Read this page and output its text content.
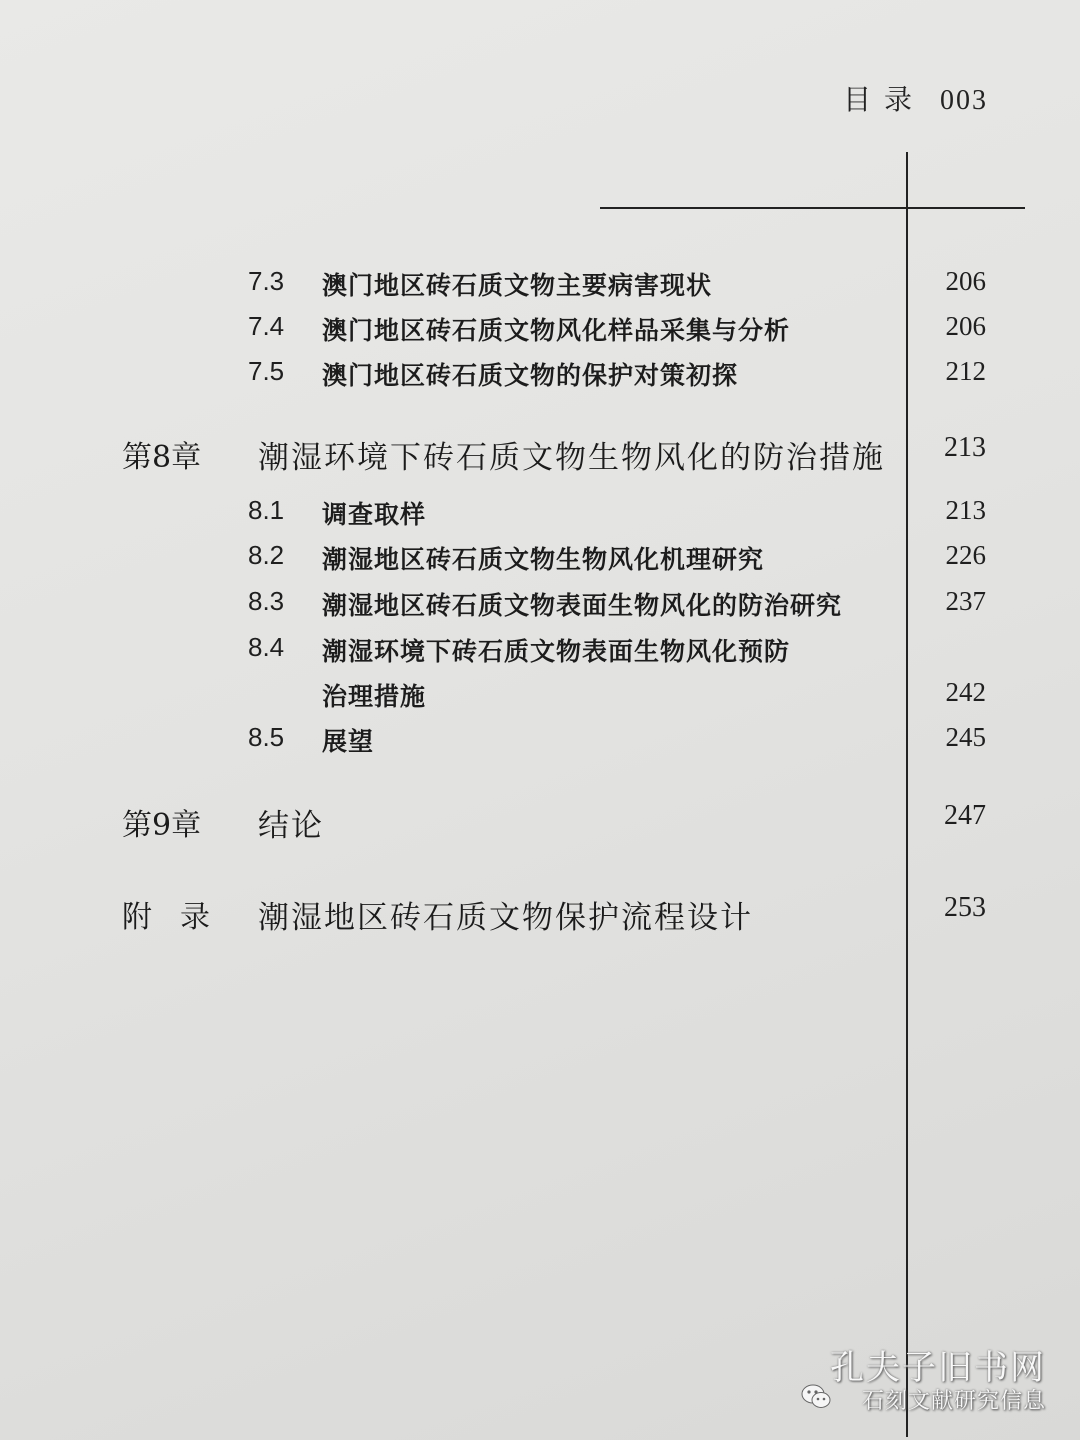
目 录 003
7.3 澳门地区砖石质文物主要病害现状	206
7.4 澳门地区砖石质文物风化样品采集与分析	206
7.5 澳门地区砖石质文物的保护对策初探	212
第8章 潮湿环境下砖石质文物生物风化的防治措施	213
8.1 调查取样	213
8.2 潮湿地区砖石质文物生物风化机理研究	226
8.3 潮湿地区砖石质文物表面生物风化的防治研究	237
8.4 潮湿环境下砖石质文物表面生物风化预防
治理措施	242
8.5 展望	245
第9章 结论	247
附录 潮湿地区砖石质文物保护流程设计	253
孔夫子旧书网
石刻文献研究信息
